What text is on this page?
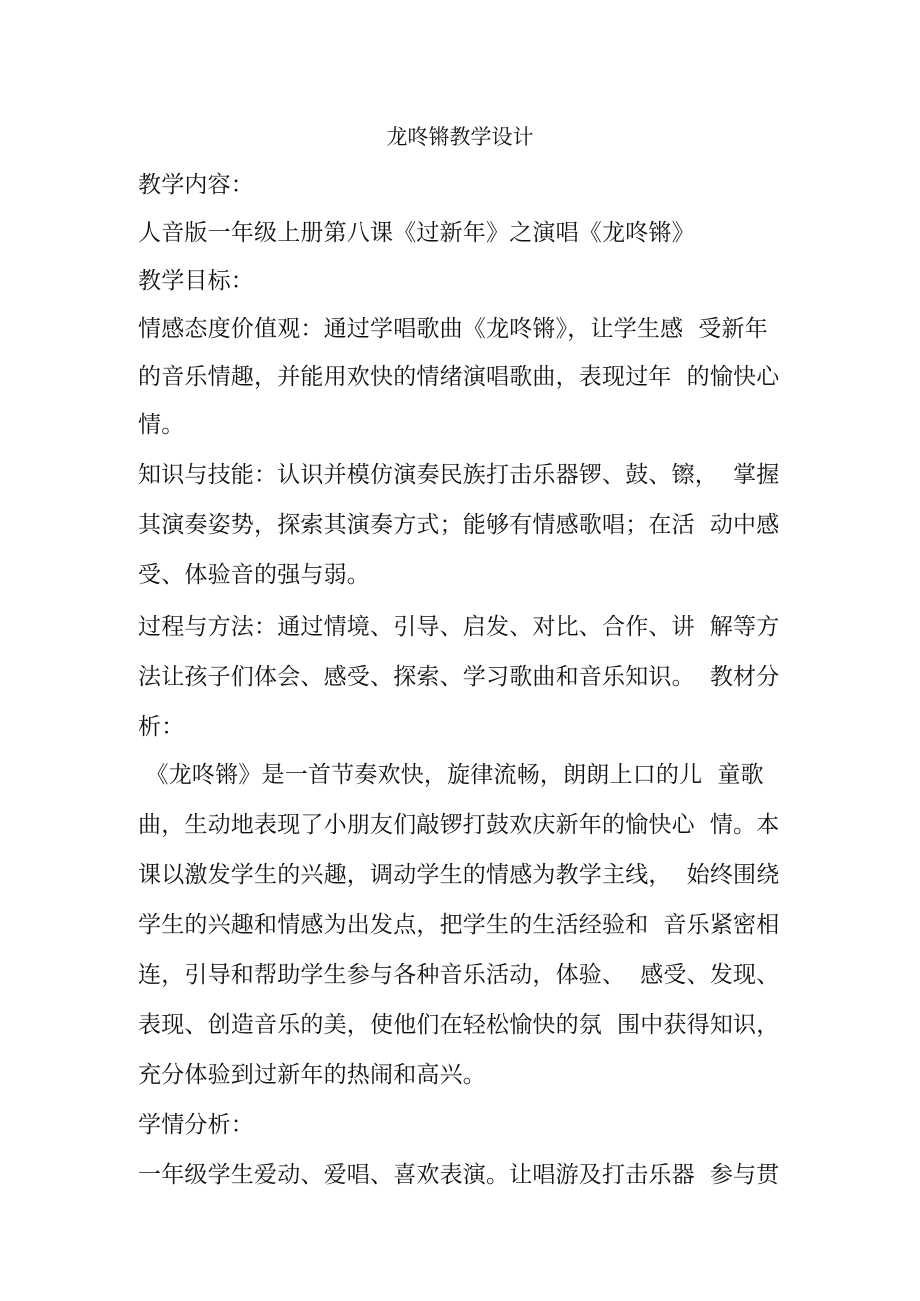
龙咚锵教学设计

教学内容：

人音版一年级上册第八课《过新年》之演唱《龙咚锵》

教学目标：

情感态度价值观：通过学唱歌曲《龙咚锵》，让学生感  受新年

的音乐情趣，并能用欢快的情绪演唱歌曲，表现过年  的愉快心

情。

知识与技能：认识并模仿演奏民族打击乐器锣、鼓、镲，  掌握

其演奏姿势，探索其演奏方式；能够有情感歌唱；在活  动中感

受、体验音的强与弱。

过程与方法：通过情境、引导、启发、对比、合作、讲  解等方

法让孩子们体会、感受、探索、学习歌曲和音乐知识。  教材分

析：

《龙咚锵》是一首节奏欢快，旋律流畅，朗朗上口的儿  童歌

曲，生动地表现了小朋友们敲锣打鼓欢庆新年的愉快心  情。本

课以激发学生的兴趣，调动学生的情感为教学主线，  始终围绕

学生的兴趣和情感为出发点，把学生的生活经验和  音乐紧密相

连，引导和帮助学生参与各种音乐活动，体验、  感受、发现、

表现、创造音乐的美，使他们在轻松愉快的氛  围中获得知识，

充分体验到过新年的热闹和高兴。

学情分析：

一年级学生爱动、爱唱、喜欢表演。让唱游及打击乐器  参与贯
